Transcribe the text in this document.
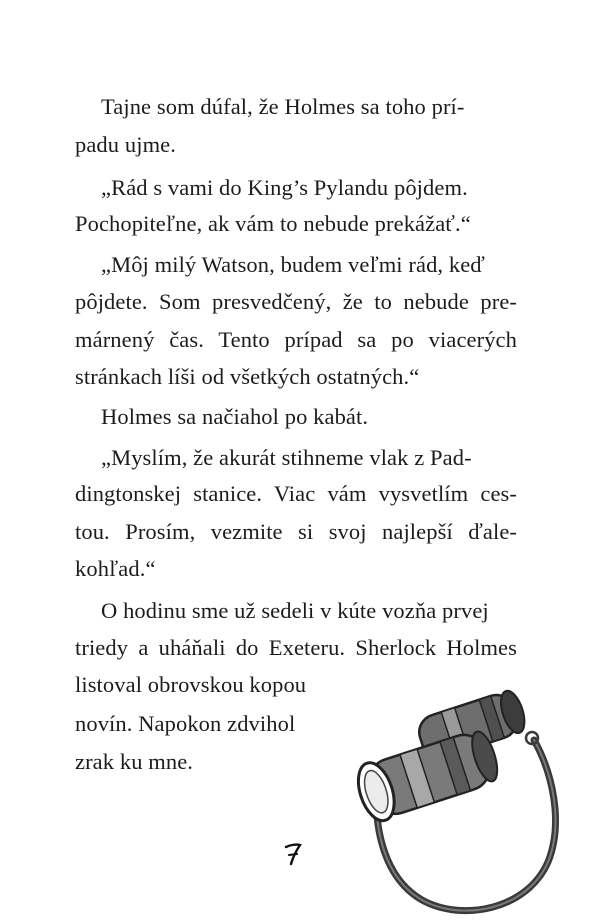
Tajne som dúfal, že Holmes sa toho prí-
padu ujme.
„Rád s vami do King’s Pylandu pôjdem.
Pochopiteľne, ak vám to nebude prekážať.“
„Môj milý Watson, budem veľmi rád, keď
pôjdete. Som presvedčený, že to nebude pre-
márnený čas. Tento prípad sa po viacerých
stránkach líši od všetkých ostatných.“
Holmes sa načiahol po kabát.
„Myslím, že akurát stihneme vlak z Pad-
dingtonskej stanice. Viac vám vysvetlím ces-
tou. Prosím, vezmite si svoj najlepší ďale-
kohľad.“
O hodinu sme už sedeli v kúte vozňa prvej
triedy a uháňali do Exeteru. Sherlock Holmes
listoval obrovskou kopou
novín. Napokon zdvihol
zrak ku mne.
